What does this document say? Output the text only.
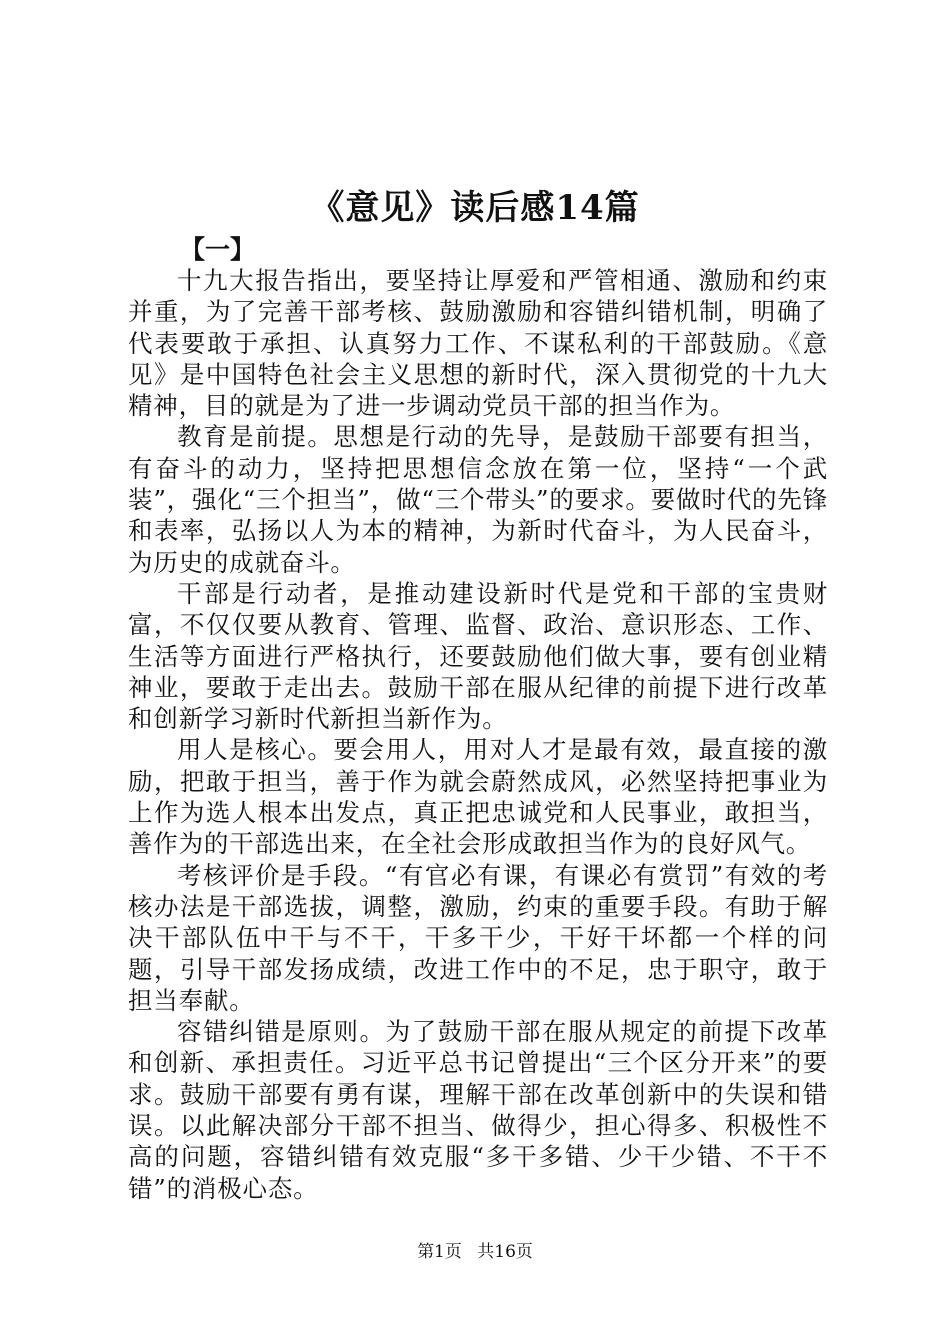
《意见》读后感14篇
【一】

十九大报告指出，要坚持让厚爱和严管相通、激励和约束并重，为了完善干部考核、鼓励激励和容错纠错机制，明确了代表要敢于承担、认真努力工作、不谋私利的干部鼓励。《意见》是中国特色社会主义思想的新时代，深入贯彻党的十九大精神，目的就是为了进一步调动党员干部的担当作为。

教育是前提。思想是行动的先导，是鼓励干部要有担当，有奋斗的动力，坚持把思想信念放在第一位，坚持“一个武装”，强化“三个担当”，做“三个带头”的要求。要做时代的先锋和表率，弘扬以人为本的精神，为新时代奋斗，为人民奋斗，为历史的成就奋斗。

干部是行动者，是推动建设新时代是党和干部的宝贵财富，不仅仅要从教育、管理、监督、政治、意识形态、工作、生活等方面进行严格执行，还要鼓励他们做大事，要有创业精神业，要敢于走出去。鼓励干部在服从纪律的前提下进行改革和创新学习新时代新担当新作为。

用人是核心。要会用人，用对人才是最有效，最直接的激励，把敢于担当，善于作为就会蔚然成风，必然坚持把事业为上作为选人根本出发点，真正把忠诚党和人民事业，敢担当，善作为的干部选出来，在全社会形成敢担当作为的良好风气。

考核评价是手段。“有官必有课，有课必有赏罚”有效的考核办法是干部选拔，调整，激励，约束的重要手段。有助于解决干部队伍中干与不干，干多干少，干好干坏都一个样的问题，引导干部发扬成绩，改进工作中的不足，忠于职守，敢于担当奉献。

容错纠错是原则。为了鼓励干部在服从规定的前提下改革和创新、承担责任。习近平总书记曾提出“三个区分开来”的要求。鼓励干部要有勇有谋，理解干部在改革创新中的失误和错误。以此解决部分干部不担当、做得少，担心得多、积极性不高的问题，容错纠错有效克服“多干多错、少干少错、不干不错”的消极心态。

第1页 共16页
